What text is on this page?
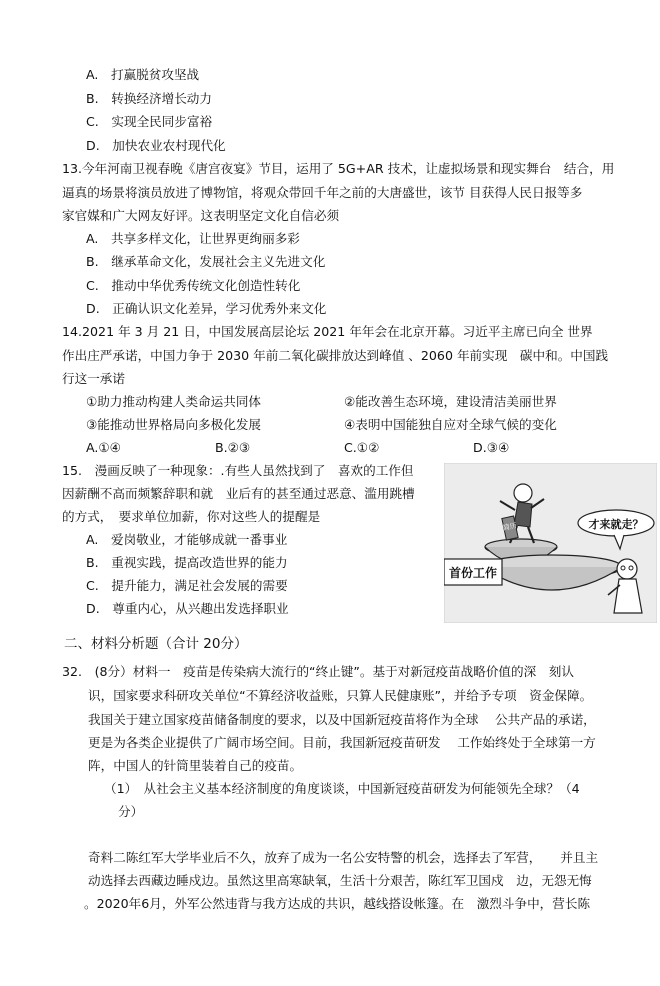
A.　打赢脱贫攻坚战
B.　转换经济增长动力
C.　实现全民同步富裕
D.　加快农业农村现代化
13.今年河南卫视春晚《唐宫夜宴》节目，运用了 5G+AR 技术，让虚拟场景和现实舞台　结合，用
逼真的场景将演员放进了博物馆，将观众带回千年之前的大唐盛世，该节 目获得人民日报等多
家官媒和广大网友好评。这表明坚定文化自信必须
A.　共享多样文化，让世界更绚丽多彩
B.　继承革命文化，发展社会主义先进文化
C.　推动中华优秀传统文化创造性转化
D.　正确认识文化差异，学习优秀外来文化
14.2021 年 3 月 21 日，中国发展高层论坛 2021 年年会在北京开幕。习近平主席已向全 世界
作出庄严承诺，中国力争于 2030 年前二氧化碳排放达到峰值 、2060 年前实现　碳中和。中国践
行这一承诺
①助力推动构建人类命运共同体	②能改善生态环境，建设清洁美丽世界
③能推动世界格局向多极化发展	④表明中国能独自应对全球气候的变化
A.①④	B.②③	C.①②	D.③④
15.　漫画反映了一种现象：.有些人虽然找到了　喜欢的工作但
因薪酬不高而频繁辞职和就　业后有的甚至通过恶意、滥用跳槽
的方式，　要求单位加薪，你对这些人的提醒是
A.　爱岗敬业，才能够成就一番事业
B.　重视实践，提高改造世界的能力
C.　提升能力，满足社会发展的需要
D.　尊重内心，从兴趣出发选择职业
简历
首份工作
才来就走？
二、材料分析题（合计 20分）
32.　(8分）材料一　疫苗是传染病大流行的“终止键”。基于对新冠疫苗战略价值的深　刻认
识，国家要求科研攻关单位“不算经济收益账，只算人民健康账”，并给予专项　资金保障。
我国关于建立国家疫苗储备制度的要求，以及中国新冠疫苗将作为全球　 公共产品的承诺，
更是为各类企业提供了广阔市场空间。目前，我国新冠疫苗研发　 工作始终处于全球第一方
阵，中国人的针筒里装着自己的疫苗。
（1）　从社会主义基本经济制度的角度谈谈，中国新冠疫苗研发为何能领先全球？（4
分）
奇料二陈红军大学毕业后不久，放弃了成为一名公安特警的机会，选择去了军营，　　并且主
动选择去西藏边睡戍边。虽然这里高寒缺氧，生活十分艰苦，陈红军卫国戍　边，无怨无悔
。2020年6月，外军公然违背与我方达成的共识，越线搭设帐篷。在　激烈斗争中，营长陈
